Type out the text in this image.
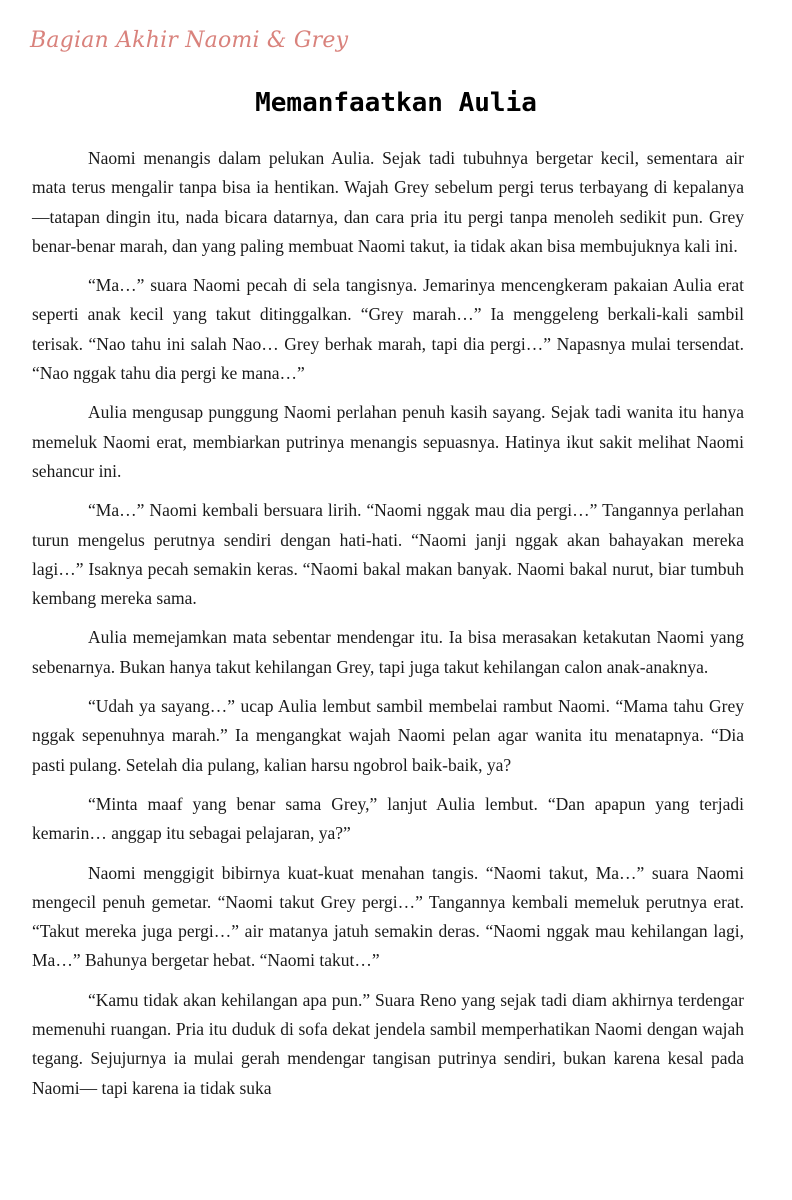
Bagian Akhir Naomi & Grey
Memanfaatkan Aulia

Naomi menangis dalam pelukan Aulia. Sejak tadi tubuhnya bergetar kecil, sementara air mata terus mengalir tanpa bisa ia hentikan. Wajah Grey sebelum pergi terus terbayang di kepalanya—tatapan dingin itu, nada bicara datarnya, dan cara pria itu pergi tanpa menoleh sedikit pun. Grey benar-benar marah, dan yang paling membuat Naomi takut, ia tidak akan bisa membujuknya kali ini.

“Ma…” suara Naomi pecah di sela tangisnya. Jemarinya mencengkeram pakaian Aulia erat seperti anak kecil yang takut ditinggalkan. “Grey marah…” Ia menggeleng berkali-kali sambil terisak. “Nao tahu ini salah Nao… Grey berhak marah, tapi dia pergi…” Napasnya mulai tersendat. “Nao nggak tahu dia pergi ke mana…”

Aulia mengusap punggung Naomi perlahan penuh kasih sayang. Sejak tadi wanita itu hanya memeluk Naomi erat, membiarkan putrinya menangis sepuasnya. Hatinya ikut sakit melihat Naomi sehancur ini.

“Ma…” Naomi kembali bersuara lirih. “Naomi nggak mau dia pergi…” Tangannya perlahan turun mengelus perutnya sendiri dengan hati-hati. “Naomi janji nggak akan bahayakan mereka lagi…” Isaknya pecah semakin keras. “Naomi bakal makan banyak. Naomi bakal nurut, biar tumbuh kembang mereka sama.

Aulia memejamkan mata sebentar mendengar itu. Ia bisa merasakan ketakutan Naomi yang sebenarnya. Bukan hanya takut kehilangan Grey, tapi juga takut kehilangan calon anak-anaknya.

“Udah ya sayang…” ucap Aulia lembut sambil membelai rambut Naomi. “Mama tahu Grey nggak sepenuhnya marah.” Ia mengangkat wajah Naomi pelan agar wanita itu menatapnya. “Dia pasti pulang. Setelah dia pulang, kalian harsu ngobrol baik-baik, ya?

“Minta maaf yang benar sama Grey,” lanjut Aulia lembut. “Dan apapun yang terjadi kemarin… anggap itu sebagai pelajaran, ya?”

Naomi menggigit bibirnya kuat-kuat menahan tangis. “Naomi takut, Ma…” suara Naomi mengecil penuh gemetar. “Naomi takut Grey pergi…” Tangannya kembali memeluk perutnya erat. “Takut mereka juga pergi…” air matanya jatuh semakin deras. “Naomi nggak mau kehilangan lagi, Ma…” Bahunya bergetar hebat. “Naomi takut…”

“Kamu tidak akan kehilangan apa pun.” Suara Reno yang sejak tadi diam akhirnya terdengar memenuhi ruangan. Pria itu duduk di sofa dekat jendela sambil memperhatikan Naomi dengan wajah tegang. Sejujurnya ia mulai gerah mendengar tangisan putrinya sendiri, bukan karena kesal pada Naomi— tapi karena ia tidak suka
